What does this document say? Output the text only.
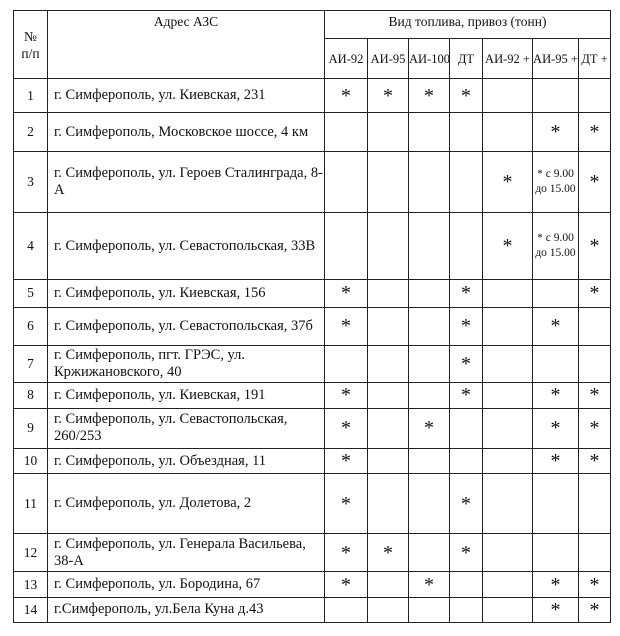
№ п/п	Адрес АЗС	Вид топлива, привоз (тонн)						
		АИ-92	АИ-95	АИ-100	ДТ	АИ-92 +	АИ-95 +	ДТ +
1	г. Симферополь, ул. Киевская, 231	*	*	*	*			
2	г. Симферополь, Московское шоссе, 4 км						*	*
3	г. Симферополь, ул. Героев Сталинграда, 8-А					*	* с 9.00 до 15.00	*
4	г. Симферополь, ул. Севастопольская, 33В					*	* с 9.00 до 15.00	*
5	г. Симферополь, ул. Киевская, 156	*			*			*
6	г. Симферополь, ул. Севастопольская, 37б	*			*		*	
7	г. Симферополь, пгт. ГРЭС, ул. Кржижановского, 40				*			
8	г. Симферополь, ул. Киевская, 191	*			*		*	*
9	г. Симферополь, ул. Севастопольская, 260/253	*		*			*	*
10	г. Симферополь, ул. Объездная, 11	*					*	*
11	г. Симферополь, ул. Долетова, 2	*			*			
12	г. Симферополь, ул. Генерала Васильева, 38-А	*	*		*			
13	г. Симферополь, ул. Бородина, 67	*		*			*	*
14	г.Симферополь, ул.Бела Куна д.43						*	*
